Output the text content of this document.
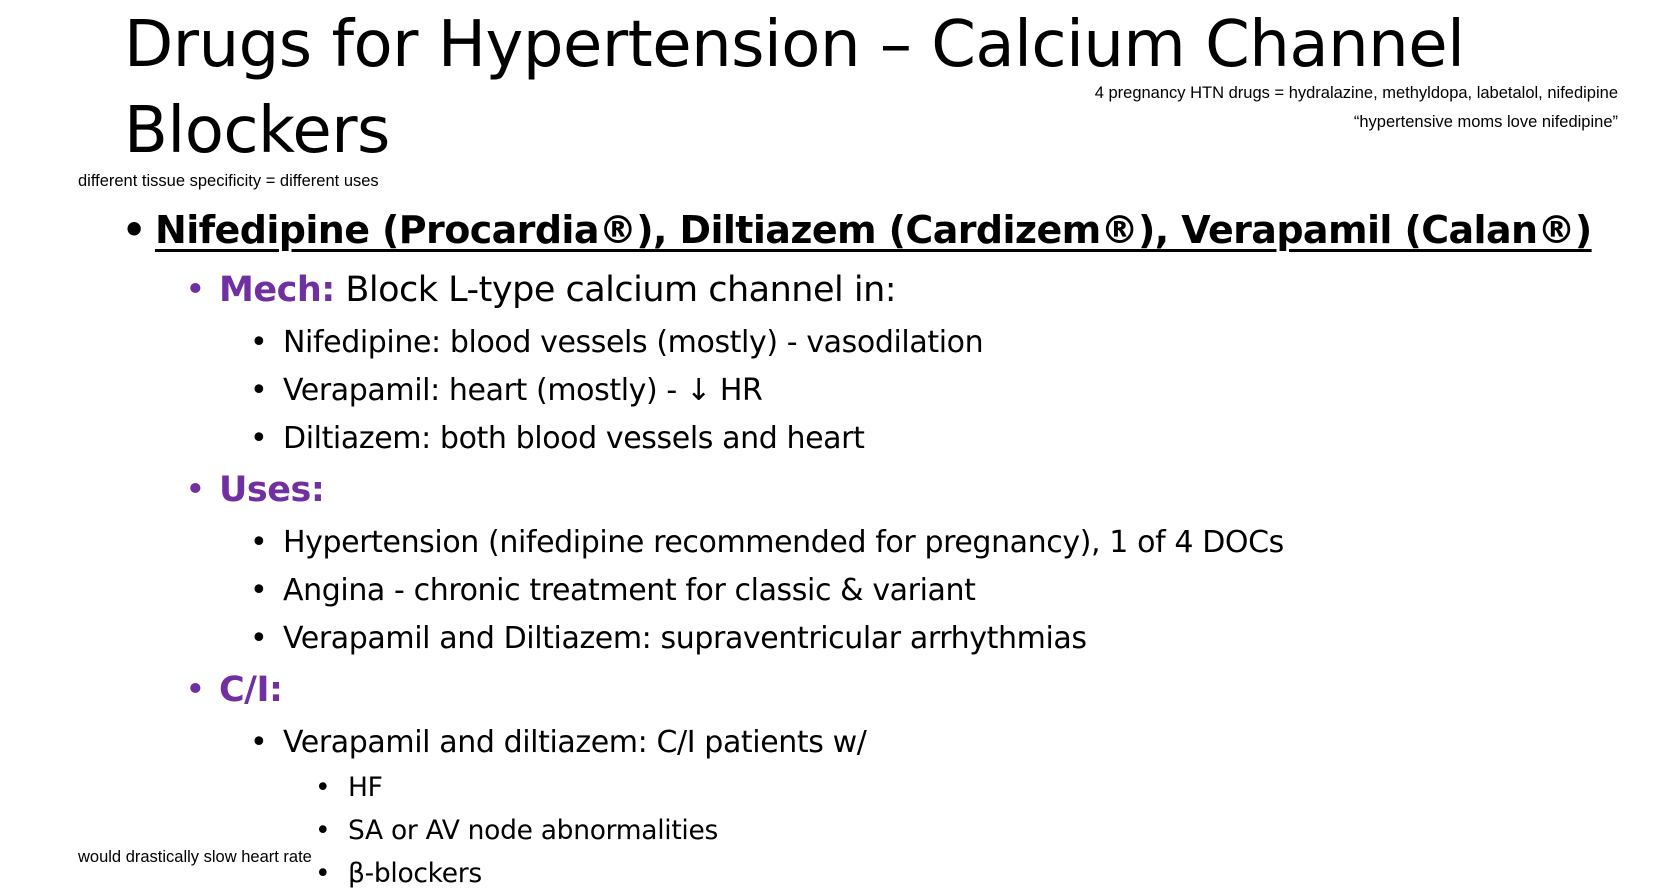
Drugs for Hypertension – Calcium Channel Blockers
4 pregnancy HTN drugs = hydralazine, methyldopa, labetalol, nifedipine
“hypertensive moms love nifedipine”
different tissue specificity = different uses
• Nifedipine (Procardia®), Diltiazem (Cardizem®), Verapamil (Calan®)
• Mech: Block L-type calcium channel in:
• Nifedipine: blood vessels (mostly) - vasodilation
• Verapamil: heart (mostly) - ↓ HR
• Diltiazem: both blood vessels and heart
• Uses:
• Hypertension (nifedipine recommended for pregnancy), 1 of 4 DOCs
• Angina - chronic treatment for classic & variant
• Verapamil and Diltiazem: supraventricular arrhythmias
• C/I:
• Verapamil and diltiazem: C/I patients w/
• HF
• SA or AV node abnormalities
• β-blockers
would drastically slow heart rate
